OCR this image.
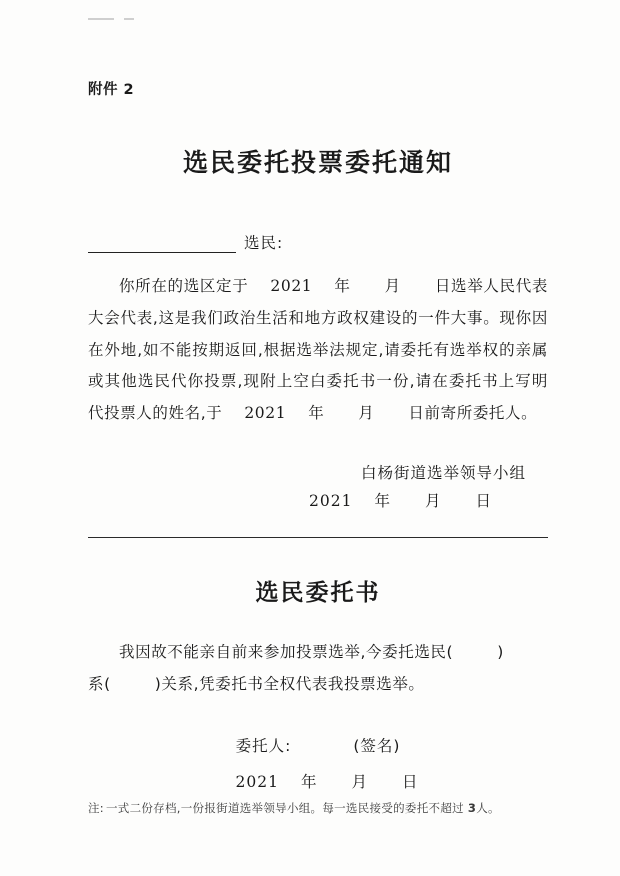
附件 2
选民委托投票委托通知
选民:

你所在的选区定于 2021 年 月 日选举人民代表大会代表,这是我们政治生活和地方政权建设的一件大事。现你因在外地,如不能按期返回,根据选举法规定,请委托有选举权的亲属或其他选民代你投票,现附上空白委托书一份,请在委托书上写明代投票人的姓名,于 2021 年 月 日前寄所委托人。

白杨街道选举领导小组
2021 年 月 日
选民委托书

我因故不能亲自前来参加投票选举,今委托选民(	)
系(	)关系,凭委托书全权代表我投票选举。

委托人:	(签名)
2021 年 月 日
注: 一式二份存档,一份报街道选举领导小组。每一选民接受的委托不超过 3人。
